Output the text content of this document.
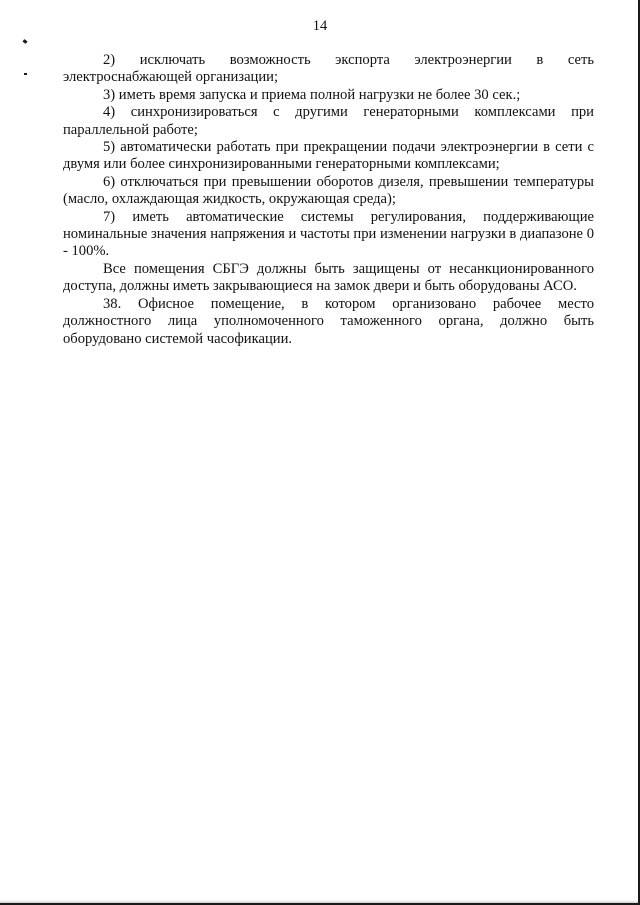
14

2) исключать возможность экспорта электроэнергии в сеть электроснабжающей организации;

3) иметь время запуска и приема полной нагрузки не более 30 сек.;

4) синхронизироваться с другими генераторными комплексами при параллельной работе;

5) автоматически работать при прекращении подачи электроэнергии в сети с двумя или более синхронизированными генераторными комплексами;

6) отключаться при превышении оборотов дизеля, превышении температуры (масло, охлаждающая жидкость, окружающая среда);

7) иметь автоматические системы регулирования, поддерживающие номинальные значения напряжения и частоты при изменении нагрузки в диапазоне 0 - 100%.

Все помещения СБГЭ должны быть защищены от несанкционированного доступа, должны иметь закрывающиеся на замок двери и быть оборудованы АСО.

38. Офисное помещение, в котором организовано рабочее место должностного лица уполномоченного таможенного органа, должно быть оборудовано системой часофикации.
